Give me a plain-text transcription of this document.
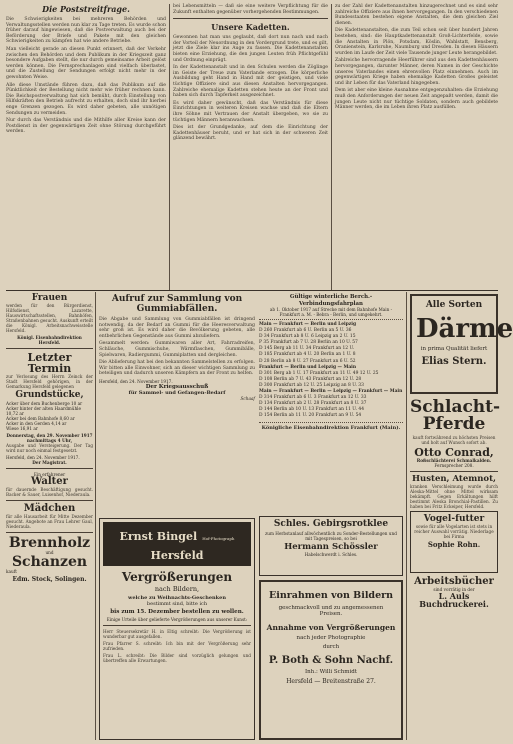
Die Poststreitfrage.

Die Schwierigkeiten bei mehreren Behörden und Verwaltungsstellen werden nun klar zu Tage treten. Es wurde schon früher darauf hingewiesen, daß die Postverwaltung auch bei der Beförderung der Briefe und Pakete mit den gleichen Schwierigkeiten zu kämpfen hat wie andere Betriebe.

Man vielleicht gerade an diesen Punkt erinnert, daß der Verkehr zwischen den Behörden und dem Publikum in der Kriegszeit ganz besondere Aufgaben stellt, die nur durch gemeinsame Arbeit gelöst werden können. Die Fernsprechanlagen sind vielfach überlastet, und die Zustellung der Sendungen erfolgt nicht mehr in der gewohnten Weise.

Alle diese Umstände führen dazu, daß das Publikum auf die Pünktlichkeit der Bestellung nicht mehr wie früher rechnen kann. Die Reichspostverwaltung hat sich bemüht, durch Einstellung von Hilfskräften den Betrieb aufrecht zu erhalten, doch sind ihr hierbei enge Grenzen gezogen. Es wird daher gebeten, alle unnötigen Sendungen zu vermeiden.

Nur durch das Verständnis und die Mithilfe aller Kreise kann der Postdienst in der gegenwärtigen Zeit ohne Störung durchgeführt werden.

bei Lebensmitteln — daß sie eine weitere Verpflichtung für die Zukunft enthalten gegenüber vorhergehenden Bestimmungen.

Unsere Kadetten.

Gewonnen hat man uns geglaubt, daß dort nun nach und nach der Vorteil der Neuordnung in den Vordergrund trete, und es gilt, jetzt die Ziele klar ins Auge zu fassen. Die Kadettenanstalten bieten eine Erziehung, die den jungen Leuten früh Pflichtgefühl und Ordnung einprägt.

In der Kadettenanstalt und in den Schulen werden die Zöglinge im Geiste der Treue zum Vaterlande erzogen. Die körperliche Ausbildung geht Hand in Hand mit der geistigen, und viele tüchtige Offiziere sind aus diesen Anstalten hervorgegangen. Zahlreiche ehemalige Kadetten stehen heute an der Front und haben sich durch Tapferkeit ausgezeichnet.

Es wird daher gewünscht, daß das Verständnis für diese Einrichtungen in weiteren Kreisen wachse und daß die Eltern ihre Söhne mit Vertrauen der Anstalt übergeben, wo sie zu tüchtigen Männern heranwachsen.

Dies ist der Grundgedanke, auf dem die Einrichtung der Kadettenhäuser beruht, und er hat sich in der schweren Zeit glänzend bewährt.

zu der Zahl der Kadettenanstalten hinzugerechnet und es sind sehr zahlreiche Offiziere aus ihnen hervorgegangen. In den verschiedenen Bundesstaaten bestehen eigene Anstalten, die dem gleichen Ziel dienen.

Die Kadettenanstalten, die zum Teil schon seit über hundert Jahren bestehen, sind: die Hauptkadettenanstalt Groß-Lichterfelde, sowie die Anstalten in Plön, Potsdam, Köslin, Wahlstatt, Bensberg, Oranienstein, Karlsruhe, Naumburg und Dresden. In diesen Häusern wurden im Laufe der Zeit viele Tausende junger Leute herangebildet.

Zahlreiche hervorragende Heerführer sind aus den Kadettenhäusern hervorgegangen, darunter Männer, deren Namen in der Geschichte unseres Vaterlandes einen ehrenvollen Platz einnehmen. Auch im gegenwärtigen Kriege haben ehemalige Kadetten Großes geleistet und ihr Leben für das Vaterland hingegeben.

Dem ist aber eine kleine Ausnahme entgegenzuhalten: die Erziehung muß den Anforderungen der neuen Zeit angepaßt werden, damit die jungen Leute nicht nur tüchtige Soldaten, sondern auch gebildete Männer werden, die im Leben ihren Platz ausfüllen.

Frauen

werden für den Bürgerdienst, Hilfsdienst, Lazarette, Hauswirtschaftsstellen, Bahnhöfen, Straßenbahnen gesucht. Auskunft erteilt die Königl. Arbeitsnachweisstelle Hersfeld.

Königl. Eisenbahndirektion Hersfeld.
Letzter Termin

zur Verlosung des Herrn Zeinck der Stadt Hersfeld gehörigen, in der Gemarkung Hersfeld gelegenen

Grundstücke,
Acker über dem Buchenberge 10 ar
Acker hinter der alten Haardmühle 10,72 ar
Acker bei dem Bahnhofe 8,60 ar
Acker in den Gerden 4,14 ar
Wiese 16,91 ar
Donnerstag, den 29. November 1917
nachmittags 4 Uhr,

Ausgabe und Versteigerung. Der Tag wird nur noch einmal festgesetzt.

Hersfeld, den 24. November 1917.
Der Magistrat.
Ein erfahrener
Walter

für dauernde Beschäftigung gesucht. Backer & Sauer, Luisenhof, Niederaula.

Mädchen

für alle Hausarbeit für Mitte Dezember gesucht. Angebote an Frau Lehrer Gaul, Niederaula.

Brennholz
und
Schanzen
kauft
Edm. Stock, Solingen.
Aufruf zur Sammlung von Gummiabfällen.

Die Abgabe und Sammlung von Gummiabfällen ist dringend notwendig, da der Bedarf an Gummi für die Heeresverwaltung sehr groß ist. Es wird daher die Bevölkerung gebeten, alle entbehrlichen Gegenstände aus Gummi abzuliefern.

Gesammelt werden: Gummiwaren aller Art, Fahrradreifen, Schläuche, Gummischuhe, Wärmflaschen, Gummibälle, Spielwaren, Radiergummi, Gummiplatten und dergleichen.

Die Ablieferung hat bei den bekannten Sammelstellen zu erfolgen. Wir bitten alle Einwohner, sich an dieser wichtigen Sammlung zu beteiligen und dadurch unseren Kämpfern an der Front zu helfen.

Hersfeld, den 24. November 1917.
Der Kriegsausschuß
für Sammel- und Gefangen-Bedarf
Schaaf
Gültige winterliche Berch.-Verbindungsfahrplan
ab 1. Oktober 1917 auf Strecke mit dem Bahnhofe Main - Frankfurt a. M. - Bebra - Berlin, und umgekehrt.
Main — Frankfurt — Berlin und Leipzig
D 260 Frankfurt ab 6 U. Berlin an 5 U. 36
D 34 Frankfurt ab 8 U. 6 Leipzig an 2 U. 15
P 35 Frankfurt ab 7 U. 28 Berlin an 10 U. 57
D 145 Berg ab 11 U. 34 Frankfurt an 12 U.
D 185 Frankfurt ab 4 U. 20 Berlin an 1 U. 8
D 28 Berlin ab 8 U. 27 Frankfurt an 6 U. 52
Frankfurt — Berlin und Leipzig — Main
D 301 Berg ab 1 U. 17 Frankfurt an 11 U. 49 12 U. 25
D 108 Berlin ab 7 U. 43 Frankfurt an 12 U. 28
D 300 Frankfurt ab 12 U. 25 Leipzig an 8 U. 33
Main — Frankfurt — Berlin — Leipzig — Frankfurt — Main
D 314 Frankfurt ab 6 U. 3 Frankfurt an 12 U. 33
D 134 Frankfurt ab 2 U. 28 Frankfurt an 8 U. 37
D 144 Berlin ab 10 U. 13 Frankfurt an 11 U. 44
D 154 Berlin ab 11 U. 20 Frankfurt an 9 U. 54
Königliche Eisenbahndirektion Frankfurt (Main).
Ernst Bingel Hof-Photograph Hersfeld
Vergrößerungen
nach Bildern,
welche zu Weihnachts-Geschenken
bestimmt sind, bitte ich
bis zum 15. Dezember bestellen zu wollen.
Einige Urteile über gelieferte Vergrößerungen aus unserer Kunst:

Herr Steuersekretär H. in Eltig schreibt: Die Vergrößerung ist wunderbar gut ausgefallen.

Frau Pfarrer S. schreibt: Ich bin mit der Vergrößerung sehr zufrieden.

Frau L. schreibt: Die Bilder sind vorzüglich gelungen und übertreffen alle Erwartungen.

Schles. Gebirgsrotklee
zum Herbstanlauf allwöchentlich zu Sonder-Bestellungen und mit Tagespreisen, so bei
Hermann Schössler
Habelschwerdt i. Schles.
Einrahmen von Bildern
geschmackvoll und zu angemessenen Preisen.
Annahme von Vergrößerungen
nach jeder Photographie
durch
P. Both & Sohn Nachf.
Inh.: Willi Schmidt
Hersfeld — Breitenstraße 27.
Alle Sorten
Därme
in prima Qualität liefert
Elias Stern.
Schlacht-
Pferde

kauft fortwährend zu höchsten Preisen und holt auf Wunsch sofort ab.

Otto Conrad,
Roßschlächterei Schmalkalden.
Fernsprecher 208.
Husten, Atemnot,

kranken Verschleimung wurde durch Aleska-Mittel ohne Mittel wirksam bekämpft. Gegen Erkältungen hilft bestimmt Aleska Bronchial-Pastillen. Zu haben bei Fritz Eckeiper, Hersfeld.

Vogel-futter

sowie für alle Vogelarten ist stets in reicher Auswahl vorrätig. Niederlage bei Firma

Sophie Rohn.
Arbeitsbücher
sind vorrätig in der
L. Auls Buchdruckerei.
